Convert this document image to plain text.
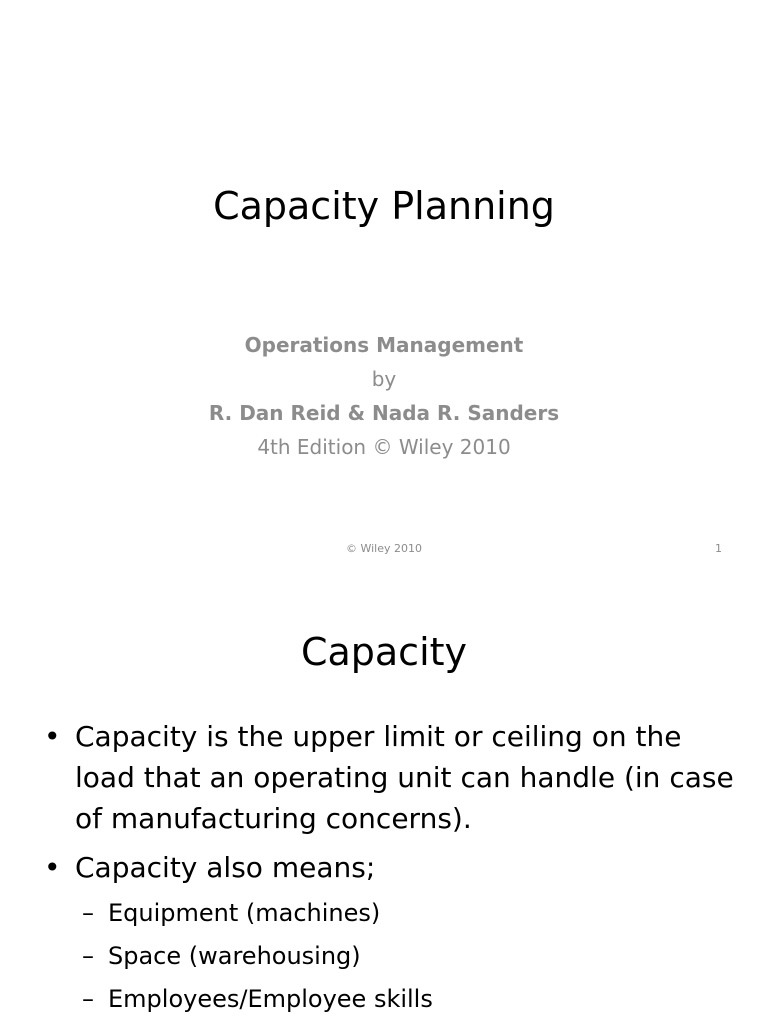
Capacity Planning
Operations Management
by
R. Dan Reid & Nada R. Sanders
4th Edition © Wiley 2010
© Wiley 2010	1
Capacity
• Capacity is the upper limit or ceiling on the load that an operating unit can handle (in case of manufacturing concerns).
• Capacity also means;
– Equipment (machines)
– Space (warehousing)
– Employees/Employee skills
